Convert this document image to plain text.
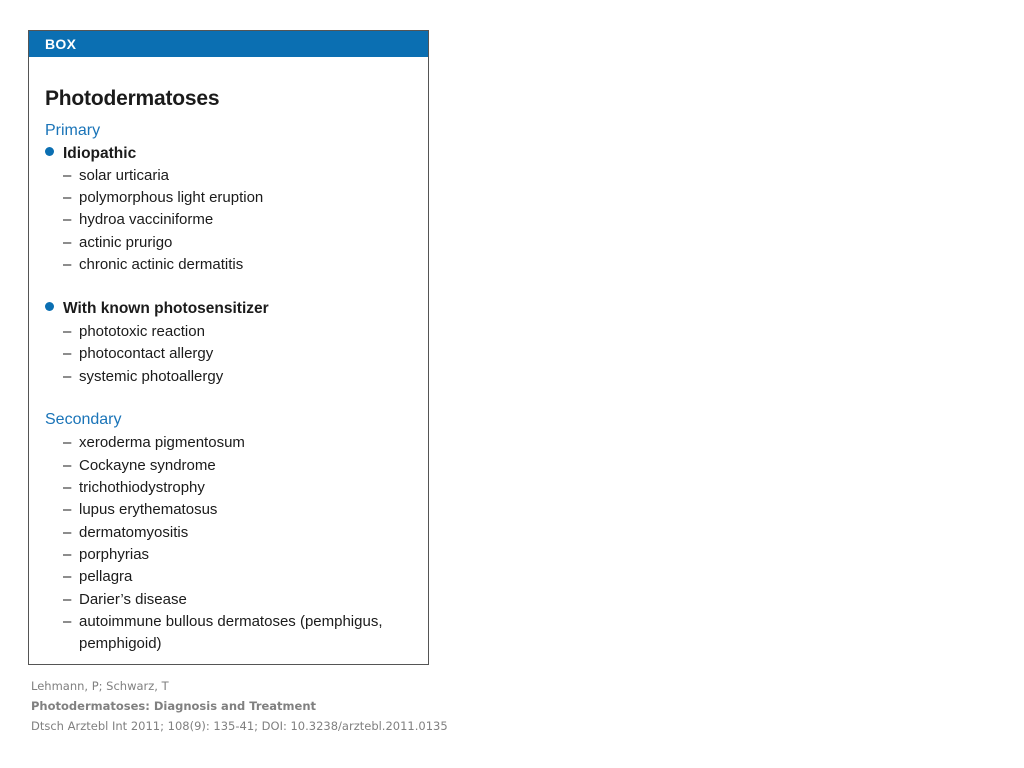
BOX
Photodermatoses
Primary
Idiopathic
– solar urticaria
– polymorphous light eruption
– hydroa vacciniforme
– actinic prurigo
– chronic actinic dermatitis
With known photosensitizer
– phototoxic reaction
– photocontact allergy
– systemic photoallergy
Secondary
– xeroderma pigmentosum
– Cockayne syndrome
– trichothiodystrophy
– lupus erythematosus
– dermatomyositis
– porphyrias
– pellagra
– Darier’s disease
– autoimmune bullous dermatoses (pemphigus,
pemphigoid)
Lehmann, P; Schwarz, T
Photodermatoses: Diagnosis and Treatment
Dtsch Arztebl Int 2011; 108(9): 135-41; DOI: 10.3238/arztebl.2011.0135
